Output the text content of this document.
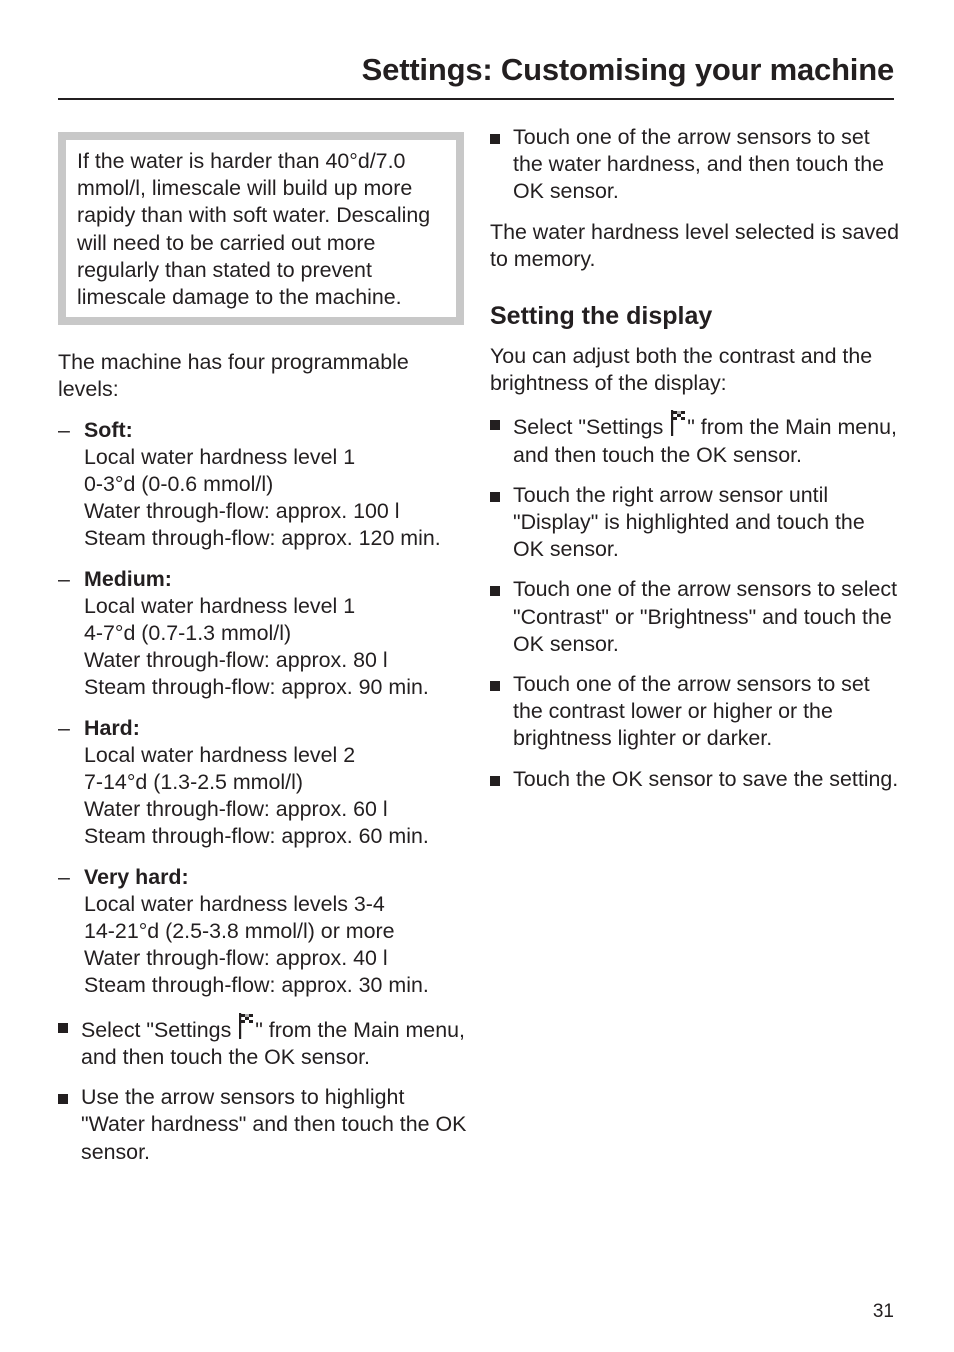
Settings: Customising your machine
If the water is harder than 40°d/7.0 mmol/l, limescale will build up more rapidy than with soft water. Descaling will need to be carried out more regularly than stated to prevent limescale damage to the machine.

The machine has four programmable levels:

– Soft:
Local water hardness level 1
0-3°d (0-0.6 mmol/l)
Water through-flow: approx. 100 l
Steam through-flow: approx. 120 min.
– Medium:
Local water hardness level 1
4-7°d (0.7-1.3 mmol/l)
Water through-flow: approx. 80 l
Steam through-flow: approx. 90 min.
– Hard:
Local water hardness level 2
7-14°d (1.3-2.5 mmol/l)
Water through-flow: approx. 60 l
Steam through-flow: approx. 60 min.
– Very hard:
Local water hardness levels 3-4
14-21°d (2.5-3.8 mmol/l) or more
Water through-flow: approx. 40 l
Steam through-flow: approx. 30 min.
Select "Settings " from the Main menu, and then touch the OK sensor.
Use the arrow sensors to highlight "Water hardness" and then touch the OK sensor.
Touch one of the arrow sensors to set the water hardness, and then touch the OK sensor.

The water hardness level selected is saved to memory.

Setting the display

You can adjust both the contrast and the brightness of the display:

Select "Settings " from the Main menu, and then touch the OK sensor.
Touch the right arrow sensor until "Display" is highlighted and touch the OK sensor.
Touch one of the arrow sensors to select "Contrast" or "Brightness" and touch the OK sensor.
Touch one of the arrow sensors to set the contrast lower or higher or the brightness lighter or darker.
Touch the OK sensor to save the setting.
31
